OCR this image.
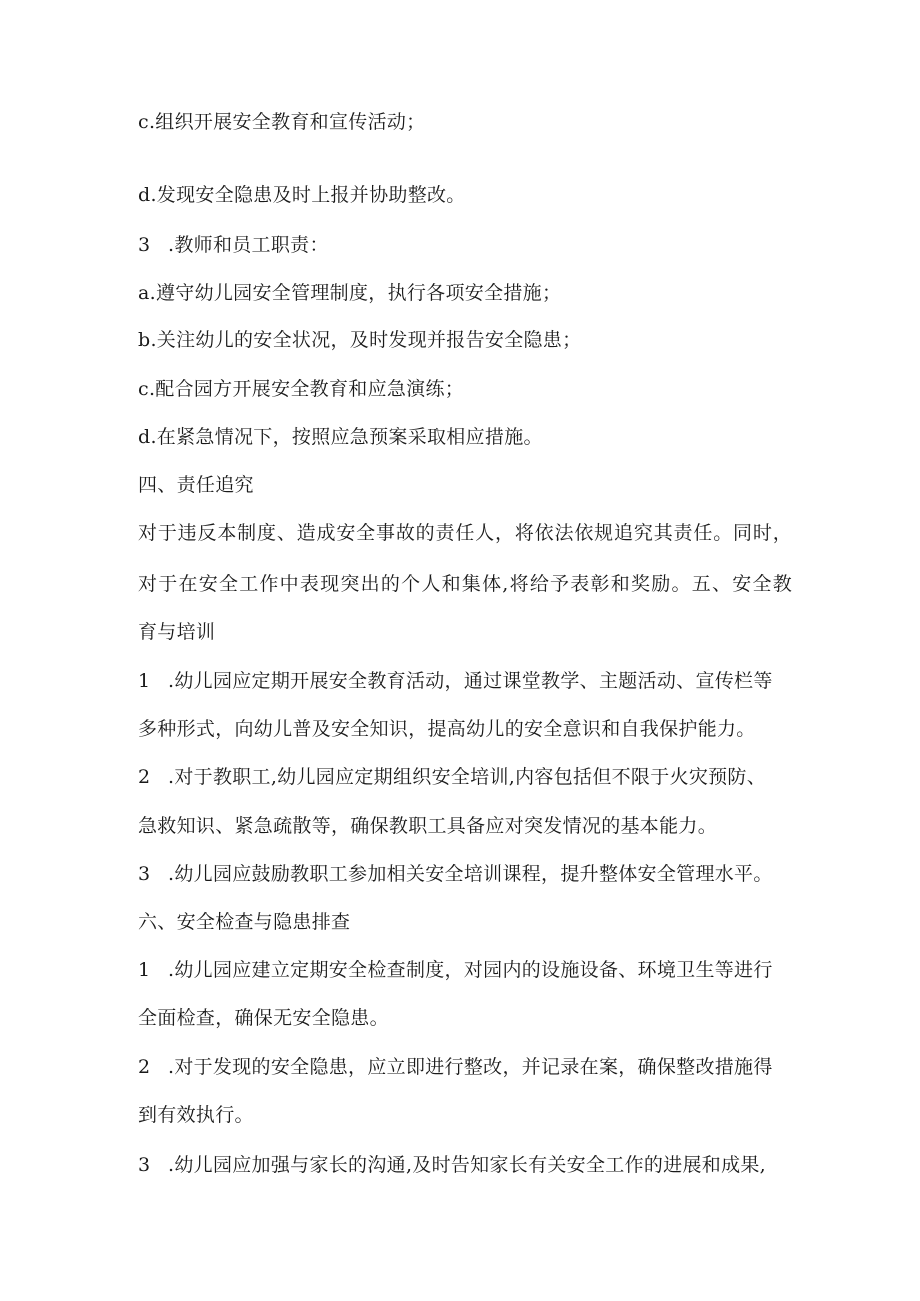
c.组织开展安全教育和宣传活动；
d.发现安全隐患及时上报并协助整改。
3 .教师和员工职责：
a.遵守幼儿园安全管理制度，执行各项安全措施；
b.关注幼儿的安全状况，及时发现并报告安全隐患；
c.配合园方开展安全教育和应急演练；
d.在紧急情况下，按照应急预案采取相应措施。
四、责任追究
对于违反本制度、造成安全事故的责任人，将依法依规追究其责任。同时，
对于在安全工作中表现突出的个人和集体,将给予表彰和奖励。五、安全教
育与培训
1 .幼儿园应定期开展安全教育活动，通过课堂教学、主题活动、宣传栏等
多种形式，向幼儿普及安全知识，提高幼儿的安全意识和自我保护能力。
2 .对于教职工,幼儿园应定期组织安全培训,内容包括但不限于火灾预防、
急救知识、紧急疏散等，确保教职工具备应对突发情况的基本能力。
3 .幼儿园应鼓励教职工参加相关安全培训课程，提升整体安全管理水平。
六、安全检查与隐患排查
1 .幼儿园应建立定期安全检查制度，对园内的设施设备、环境卫生等进行
全面检查，确保无安全隐患。
2 .对于发现的安全隐患，应立即进行整改，并记录在案，确保整改措施得
到有效执行。
3 .幼儿园应加强与家长的沟通,及时告知家长有关安全工作的进展和成果,
